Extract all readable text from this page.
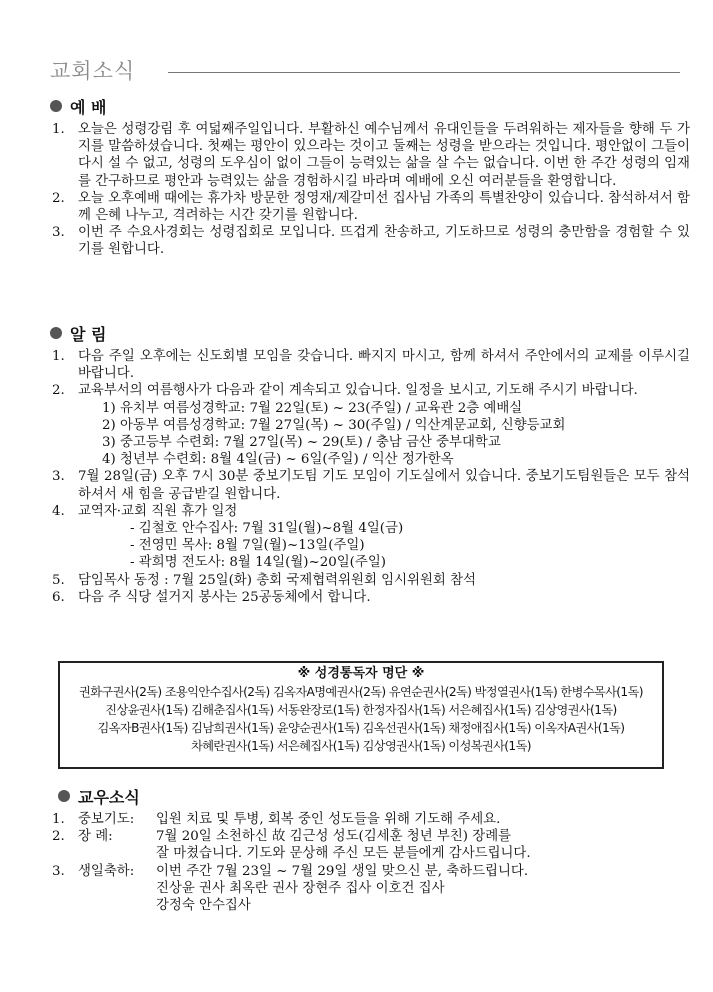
교회소식
예 배
1. 오늘은 성령강림 후 여덟째주일입니다. 부활하신 예수님께서 유대인들을 두려워하는 제자들을 향해 두 가지를 말씀하셨습니다. 첫째는 평안이 있으라는 것이고 둘째는 성령을 받으라는 것입니다. 평안없이 그들이 다시 설 수 없고, 성령의 도우심이 없이 그들이 능력있는 삶을 살 수는 없습니다. 이번 한 주간 성령의 임재를 간구하므로 평안과 능력있는 삶을 경험하시길 바라며 예배에 오신 여러분들을 환영합니다.
2. 오늘 오후예배 때에는 휴가차 방문한 정영재/제갈미선 집사님 가족의 특별찬양이 있습니다. 참석하셔서 함께 은혜 나누고, 격려하는 시간 갖기를 원합니다.
3. 이번 주 수요사경회는 성령집회로 모입니다. 뜨겁게 찬송하고, 기도하므로 성령의 충만함을 경험할 수 있기를 원합니다.
알 림
1. 다음 주일 오후에는 신도회별 모임을 갖습니다. 빠지지 마시고, 함께 하셔서 주안에서의 교제를 이루시길 바랍니다.
2. 교육부서의 여름행사가 다음과 같이 계속되고 있습니다. 일정을 보시고, 기도해 주시기 바랍니다.
1) 유치부 여름성경학교: 7월 22일(토) ~ 23(주일) / 교육관 2층 예배실
2) 아동부 여름성경학교: 7월 27일(목) ~ 30(주일) / 익산계문교회, 신향등교회
3) 중고등부 수련회: 7월 27일(목) ~ 29(토) / 충남 금산 중부대학교
4) 청년부 수련회: 8월 4일(금) ~ 6일(주일) / 익산 정가한옥
3. 7월 28일(금) 오후 7시 30분 중보기도팀 기도 모임이 기도실에서 있습니다. 중보기도팀원들은 모두 참석하셔서 새 힘을 공급받길 원합니다.
4. 교역자·교회 직원 휴가 일정
- 김철호 안수집사: 7월 31일(월)~8월 4일(금)
- 전영민 목사: 8월 7일(월)~13일(주일)
- 곽희명 전도사: 8월 14일(월)~20일(주일)
5. 담임목사 동정 : 7월 25일(화) 총회 국제협력위원회 임시위원회 참석
6. 다음 주 식당 설거지 봉사는 25공동체에서 합니다.
※ 성경통독자 명단 ※
권화구권사(2독) 조용익안수집사(2독) 김옥자A명예권사(2독) 유연순권사(2독) 박정열권사(1독) 한병수목사(1독)
진상윤권사(1독) 김해춘집사(1독) 서동완장로(1독) 한정자집사(1독) 서은혜집사(1독) 김상영권사(1독)
김옥자B권사(1독) 김남희권사(1독) 윤양순권사(1독) 김옥선권사(1독) 채정애집사(1독) 이옥자A권사(1독)
차혜란권사(1독) 서은혜집사(1독) 김상영권사(1독) 이성복권사(1독)
교우소식
1. 중보기도:	입원 치료 및 투병, 회복 중인 성도들을 위해 기도해 주세요.
2. 장 례:	7월 20일 소천하신 故 김근성 성도(김세훈 청년 부친) 장례를
잘 마쳤습니다. 기도와 문상해 주신 모든 분들에게 감사드립니다.
3. 생일축하:	이번 주간 7월 23일 ~ 7월 29일 생일 맞으신 분, 축하드립니다.
진상윤 권사 최옥란 권사 장현주 집사 이호건 집사
강정숙 안수집사
